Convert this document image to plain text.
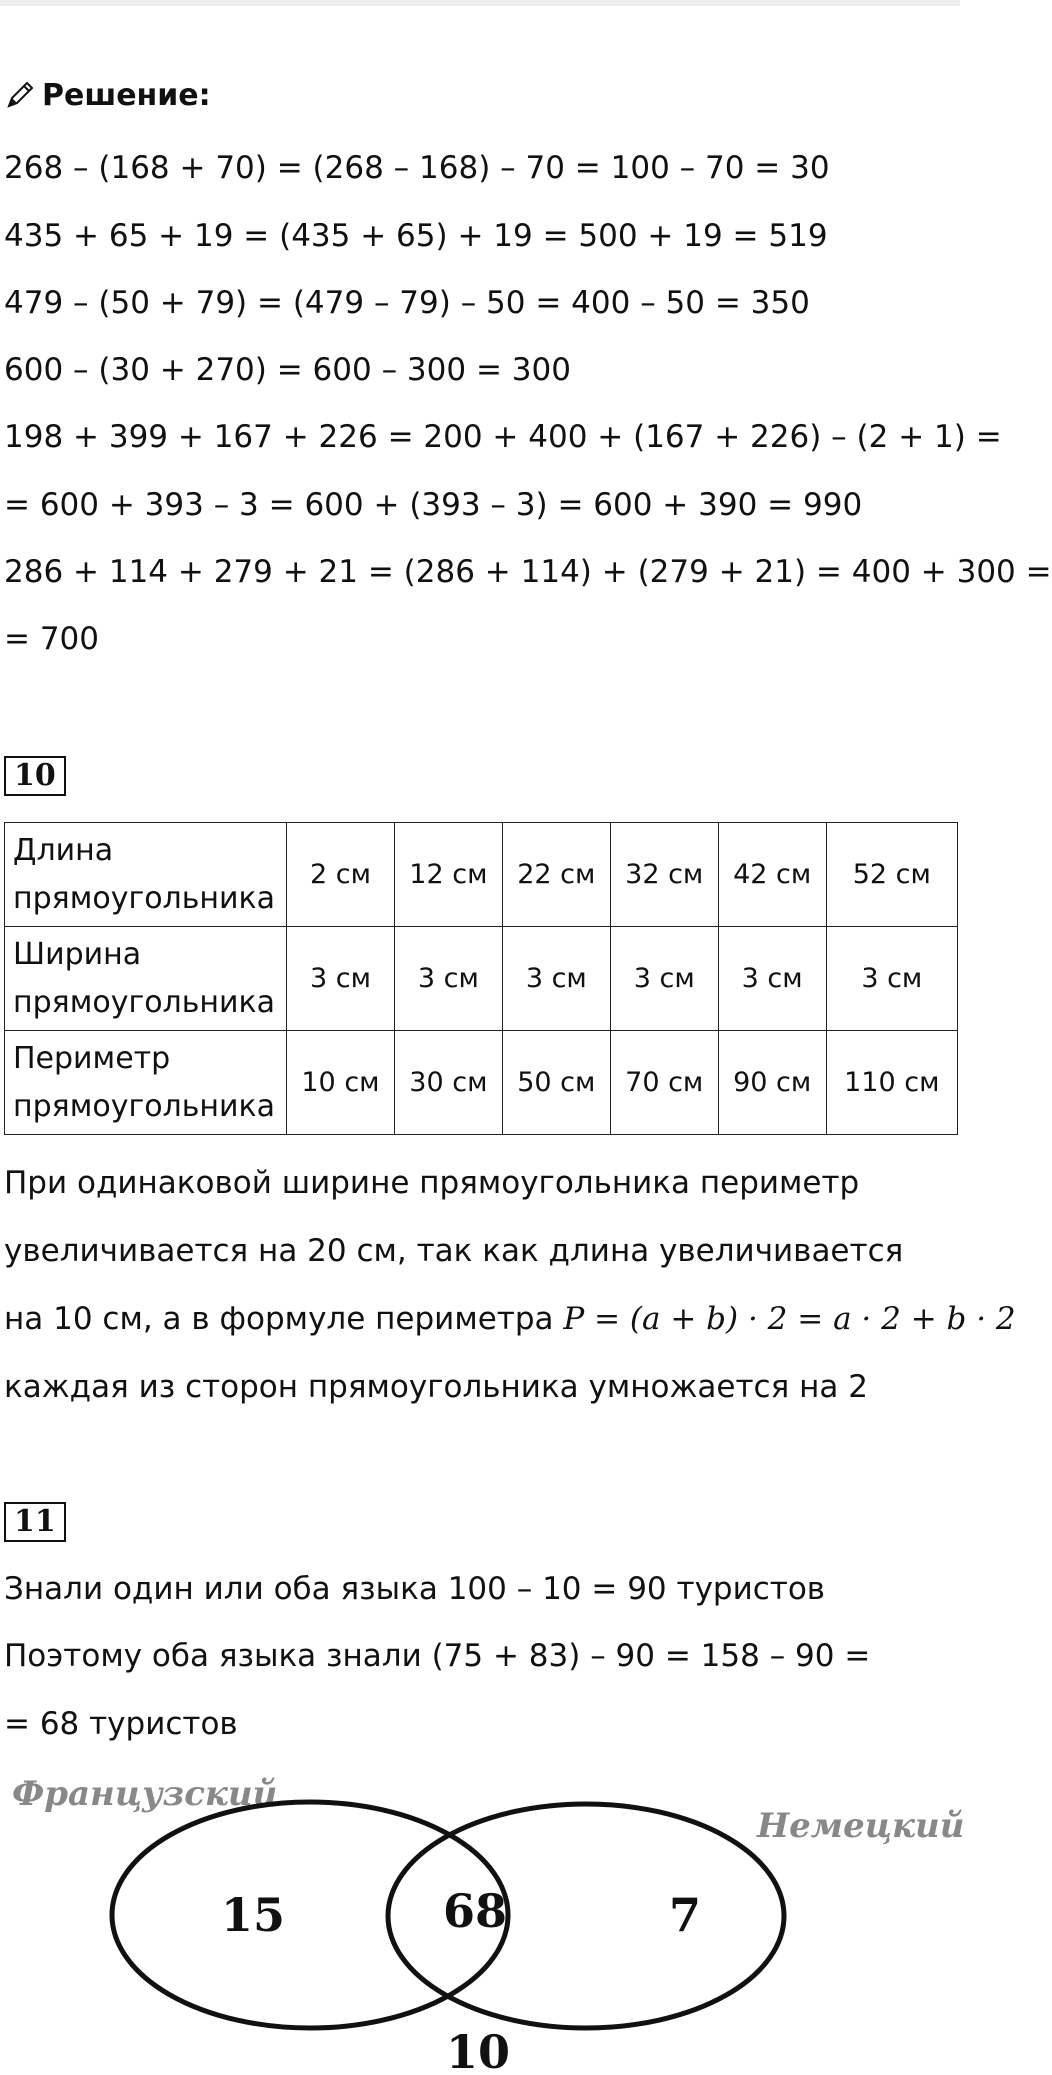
Решение:
268 – (168 + 70) = (268 – 168) – 70 = 100 – 70 = 30
435 + 65 + 19 = (435 + 65) + 19 = 500 + 19 = 519
479 – (50 + 79) = (479 – 79) – 50 = 400 – 50 = 350
600 – (30 + 270) = 600 – 300 = 300
198 + 399 + 167 + 226 = 200 + 400 + (167 + 226) – (2 + 1) =
= 600 + 393 – 3 = 600 + (393 – 3) = 600 + 390 = 990
286 + 114 + 279 + 21 = (286 + 114) + (279 + 21) = 400 + 300 =
= 700
10
Длина
прямоугольника	2 см	12 см	22 см	32 см	42 см	52 см
Ширина
прямоугольника	3 см	3 см	3 см	3 см	3 см	3 см
Периметр
прямоугольника	10 см	30 см	50 см	70 см	90 см	110 см
При одинаковой ширине прямоугольника периметр
увеличивается на 20 см, так как длина увеличивается
на 10 см, а в формуле периметра P = (a + b) · 2 = a · 2 + b · 2
каждая из сторон прямоугольника умножается на 2
11
Знали один или оба языка 100 – 10 = 90 туристов
Поэтому оба языка знали (75 + 83) – 90 = 158 – 90 =
= 68 туристов
Французский
Немецкий
15	68	7
10
